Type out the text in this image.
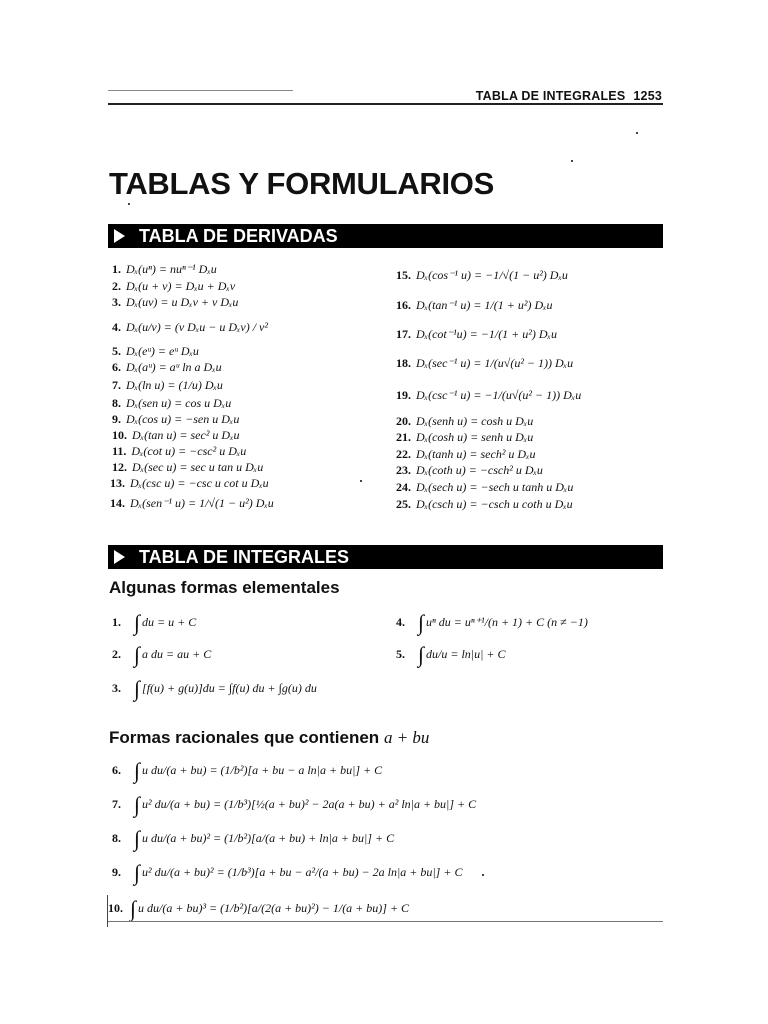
TABLA DE INTEGRALES 1253
TABLAS Y FORMULARIOS
TABLA DE DERIVADAS
1. Dₓ(uⁿ) = nuⁿ⁻¹ Dₓu
2. Dₓ(u + v) = Dₓu + Dₓv
3. Dₓ(uv) = u Dₓv + v Dₓu
4. Dₓ(u/v) = (v Dₓu − u Dₓv) / v²
5. Dₓ(eᵘ) = eᵘ Dₓu
6. Dₓ(aᵘ) = aᵘ ln a Dₓu
7. Dₓ(ln u) = (1/u) Dₓu
8. Dₓ(sen u) = cos u Dₓu
9. Dₓ(cos u) = −sen u Dₓu
10. Dₓ(tan u) = sec² u Dₓu
11. Dₓ(cot u) = −csc² u Dₓu
12. Dₓ(sec u) = sec u tan u Dₓu
13. Dₓ(csc u) = −csc u cot u Dₓu
14. Dₓ(sen⁻¹ u) = 1/√(1 − u²) Dₓu
15. Dₓ(cos⁻¹ u) = −1/√(1 − u²) Dₓu
16. Dₓ(tan⁻¹ u) = 1/(1 + u²) Dₓu
17. Dₓ(cot⁻¹u) = −1/(1 + u²) Dₓu
18. Dₓ(sec⁻¹ u) = 1/(u√(u² − 1)) Dₓu
19. Dₓ(csc⁻¹ u) = −1/(u√(u² − 1)) Dₓu
20. Dₓ(senh u) = cosh u Dₓu
21. Dₓ(cosh u) = senh u Dₓu
22. Dₓ(tanh u) = sech² u Dₓu
23. Dₓ(coth u) = −csch² u Dₓu
24. Dₓ(sech u) = −sech u tanh u Dₓu
25. Dₓ(csch u) = −csch u coth u Dₓu
TABLA DE INTEGRALES
Algunas formas elementales
1. ∫ du = u + C
2. ∫ a du = au + C
3. ∫ [f(u) + g(u)]du = ∫f(u) du + ∫g(u) du
4. ∫ uⁿ du = uⁿ⁺¹/(n + 1) + C (n ≠ −1)
5. ∫ du/u = ln|u| + C
Formas racionales que contienen a + bu
6. ∫ u du/(a + bu) = (1/b²)[a + bu − a ln|a + bu|] + C
7. ∫ u² du/(a + bu) = (1/b³)[½(a + bu)² − 2a(a + bu) + a² ln|a + bu|] + C
8. ∫ u du/(a + bu)² = (1/b²)[a/(a + bu) + ln|a + bu|] + C
9. ∫ u² du/(a + bu)² = (1/b³)[a + bu − a²/(a + bu) − 2a ln|a + bu|] + C
10. ∫ u du/(a + bu)³ = (1/b²)[a/(2(a + bu)²) − 1/(a + bu)] + C
